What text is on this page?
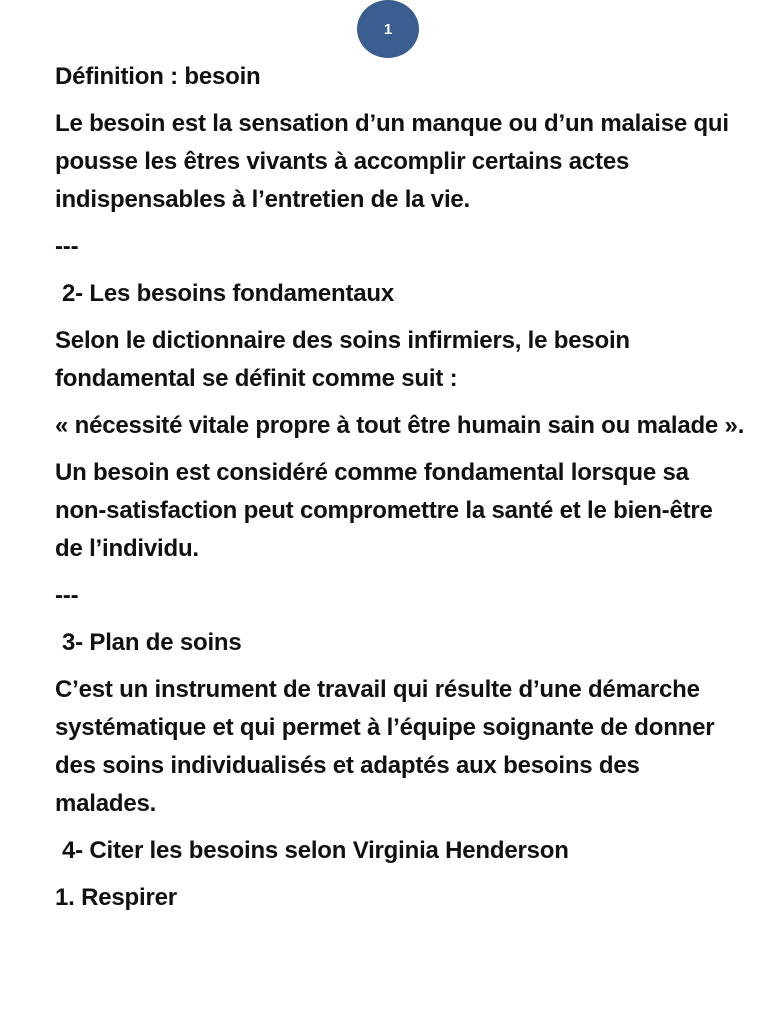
1

Définition : besoin

Le besoin est la sensation d’un manque ou d’un malaise qui pousse les êtres vivants à accomplir certains actes indispensables à l’entretien de la vie.

---

2- Les besoins fondamentaux

Selon le dictionnaire des soins infirmiers, le besoin fondamental se définit comme suit :

« nécessité vitale propre à tout être humain sain ou malade ».

Un besoin est considéré comme fondamental lorsque sa non-satisfaction peut compromettre la santé et le bien-être de l’individu.

---

3- Plan de soins

C’est un instrument de travail qui résulte d’une démarche systématique et qui permet à l’équipe soignante de donner des soins individualisés et adaptés aux besoins des malades.

4- Citer les besoins selon Virginia Henderson

1. Respirer
